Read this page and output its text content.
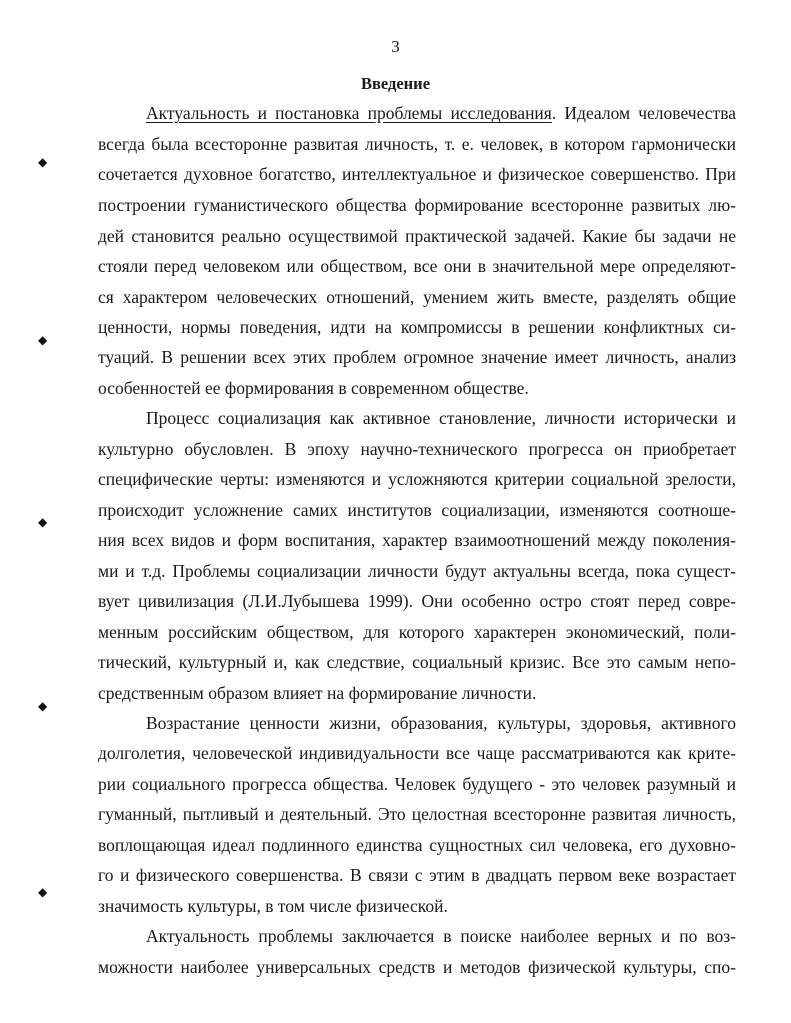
3
Введение
Актуальность и постановка проблемы исследования. Идеалом человечества
всегда была всесторонне развитая личность, т. е. человек, в котором гармонически
сочетается духовное богатство, интеллектуальное и физическое совершенство. При
построении гуманистического общества формирование всесторонне развитых лю-
дей становится реально осуществимой практической задачей. Какие бы задачи не
стояли перед человеком или обществом, все они в значительной мере определяют-
ся характером человеческих отношений, умением жить вместе, разделять общие
ценности, нормы поведения, идти на компромиссы в решении конфликтных си-
туаций. В решении всех этих проблем огромное значение имеет личность, анализ
особенностей ее формирования в современном обществе.
Процесс социализация как активное становление, личности исторически и
культурно обусловлен. В эпоху научно-технического прогресса он приобретает
специфические черты: изменяются и усложняются критерии социальной зрелости,
происходит усложнение самих институтов социализации, изменяются соотноше-
ния всех видов и форм воспитания, характер взаимоотношений между поколения-
ми и т.д. Проблемы социализации личности будут актуальны всегда, пока сущест-
вует цивилизация (Л.И.Лубышева 1999). Они особенно остро стоят перед совре-
менным российским обществом, для которого характерен экономический, поли-
тический, культурный и, как следствие, социальный кризис. Все это самым непо-
средственным образом влияет на формирование личности.
Возрастание ценности жизни, образования, культуры, здоровья, активного
долголетия, человеческой индивидуальности все чаще рассматриваются как крите-
рии социального прогресса общества. Человек будущего - это человек разумный и
гуманный, пытливый и деятельный. Это целостная всесторонне развитая личность,
воплощающая идеал подлинного единства сущностных сил человека, его духовно-
го и физического совершенства. В связи с этим в двадцать первом веке возрастает
значимость культуры, в том числе физической.
Актуальность проблемы заключается в поиске наиболее верных и по воз-
можности наиболее универсальных средств и методов физической культуры, спо-
◆
◆
◆
◆
◆
